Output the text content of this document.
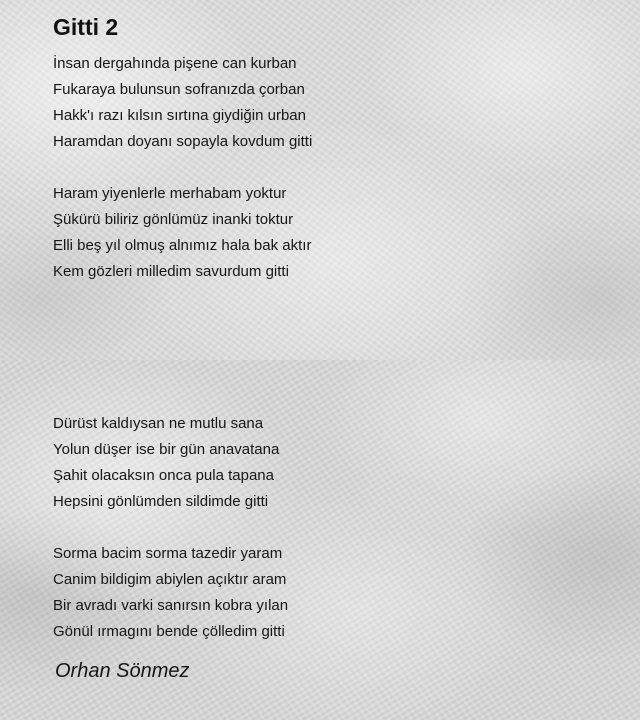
Gitti 2
İnsan dergahında pişene can kurban
Fukaraya bulunsun sofranızda çorban
Hakk'ı razı kılsın sırtına giydiğin urban
Haramdan doyanı sopayla kovdum gitti
Haram yiyenlerle merhabam yoktur
Şükürü biliriz gönlümüz inanki toktur
Elli beş yıl olmuş alnımız hala bak aktır
Kem gözleri milledim savurdum gitti
Dürüst kaldıysan ne mutlu sana
Yolun düşer ise bir gün anavatana
Şahit olacaksın onca pula tapana
Hepsini gönlümden sildimde gitti
Sorma bacim sorma tazedir yaram
Canim bildigim abiylen açıktır aram
Bir avradı varki sanırsın kobra yılan
Gönül ırmagını bende çölledim gitti

Orhan Sönmez
